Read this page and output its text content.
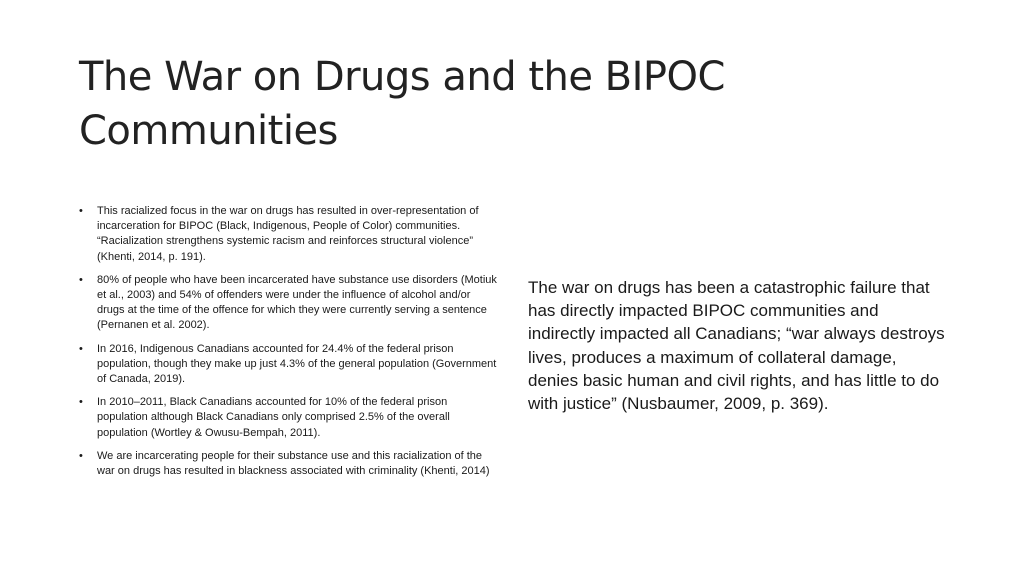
The War on Drugs and the BIPOC Communities
•	This racialized focus in the war on drugs has resulted in over-representation of incarceration for BIPOC (Black, Indigenous, People of Color) communities. “Racialization strengthens systemic racism and reinforces structural violence” (Khenti, 2014, p. 191).
•	80% of people who have been incarcerated have substance use disorders (Motiuk et al., 2003) and 54% of offenders were under the influence of alcohol and/or drugs at the time of the offence for which they were currently serving a sentence (Pernanen et al. 2002).
•	In 2016, Indigenous Canadians accounted for 24.4% of the federal prison population, though they make up just 4.3% of the general population (Government of Canada, 2019).
•	In 2010–2011, Black Canadians accounted for 10% of the federal prison population although Black Canadians only comprised 2.5% of the overall population (Wortley & Owusu-Bempah, 2011).
•	We are incarcerating people for their substance use and this racialization of the war on drugs has resulted in blackness associated with criminality (Khenti, 2014)

The war on drugs has been a catastrophic failure that has directly impacted BIPOC communities and indirectly impacted all Canadians; “war always destroys lives, produces a maximum of collateral damage, denies basic human and civil rights, and has little to do with justice” (Nusbaumer, 2009, p. 369).
